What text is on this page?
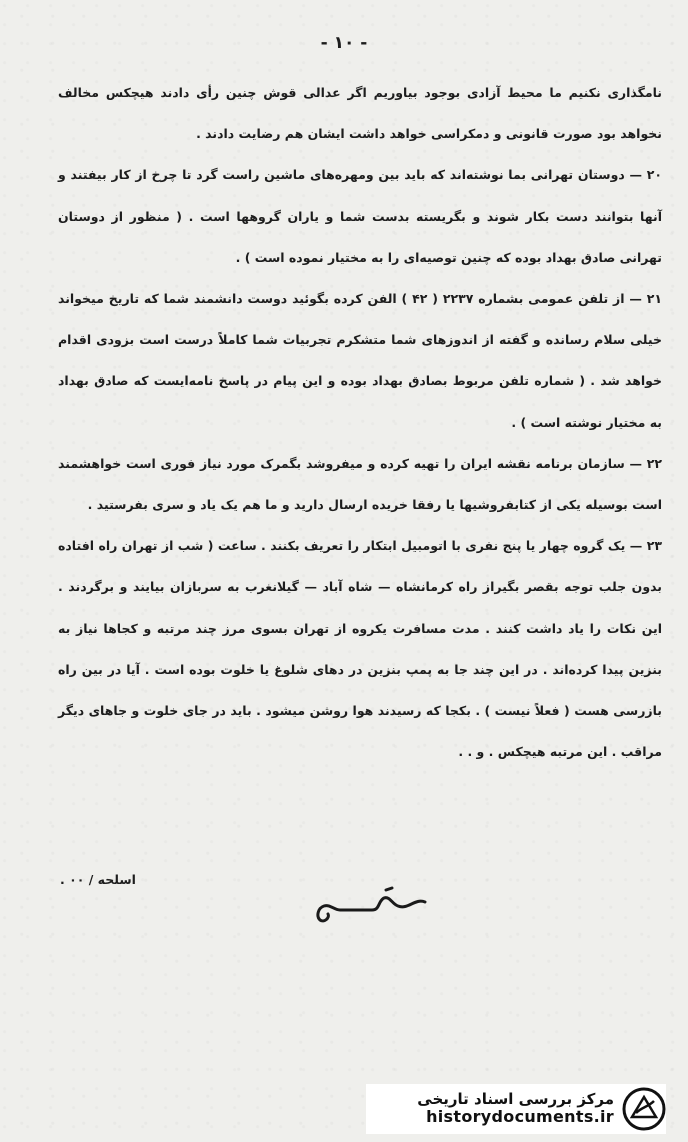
- ۱۰ -

نامگذاری نکنیم ما محیط آزادی بوجود بیاوریم اگر عدالی قوش چنین رأی دادند هیچکس مخالف نخواهد بود صورت قانونی و دمکراسی خواهد داشت ایشان هم رضایت دادند .

۲۰ — دوستان تهرانی بما نوشته‌اند که باید بین ومهره‌های ماشین راست گرد تا چرخ از کار بیفتند و آنها بتوانند دست بکار شوند و بگریسته بدست شما و یاران گروهها است . ( منظور از دوستان تهرانی صادق بهداد بوده که چنین توصیه‌ای را به مختیار نموده است ) .

۲۱ — از تلفن عمومی بشماره ۲۲۳۷ ( ۴۲ ) الفن کرده بگوئید دوست دانشمند شما که تاریخ میخواند خیلی سلام رسانده و گفته از اندوزهای شما متشکرم تجربیات شما کاملاً درست است بزودی اقدام خواهد شد . ( شماره تلفن مربوط بصادق بهداد بوده و این پیام در پاسخ نامه‌ایست که صادق بهداد به مختیار نوشته است ) .

۲۲ — سازمان برنامه نقشه ایران را تهیه کرده و میفروشد بگمرک مورد نیاز فوری است خواهشمند است بوسیله یکی از کتابفروشیها یا رفقا خریده ارسال دارید و ما هم یک یاد و سری بفرستید .

۲۳ — یک گروه چهار یا پنج نفری با اتومبیل ابتکار را تعریف بکنند . ساعت ( شب از تهران راه افتاده بدون جلب توجه بقصر بگیراز راه کرمانشاه — شاه آباد — گیلانغرب به سربازان بیایند و برگردند . این نکات را یاد داشت کنند . مدت مسافرت یکروه از تهران بسوی مرز چند مرتبه و کجاها نیاز به بنزین پیدا کرده‌اند . در این چند جا به پمپ بنزین در دهای شلوغ یا خلوت بوده است . آیا در بین راه بازرسی هست ( فعلاً نیست ) . بکجا که رسیدند هوا روشن میشود . باید در جای خلوت و جاهای دیگر مراقب . این مرتبه هیچکس . و . .

اسلحه / ۰۰ .
مرکز بررسی اسناد تاریخی
historydocuments.ir
